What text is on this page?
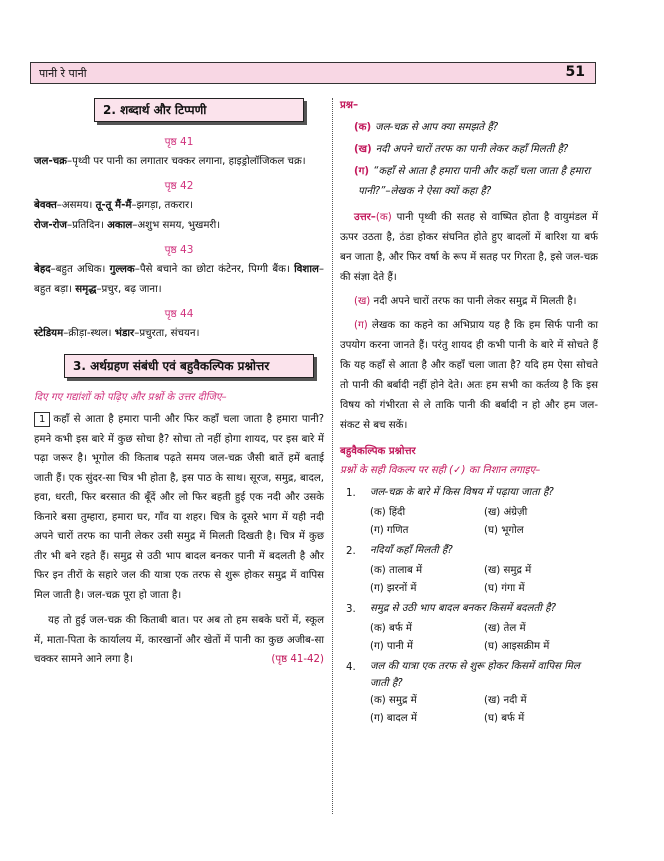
पानी रे पानी	51
2. शब्दार्थ और टिप्पणी
पृष्ठ 41

जल-चक्र–पृथ्वी पर पानी का लगातार चक्कर लगाना, हाइड्रोलॉजिकल चक्र।

पृष्ठ 42

बेवक्त–असमय। तू-तू मैं-मैं–झगड़ा, तकरार।

रोज-रोज–प्रतिदिन। अकाल–अशुभ समय, भुखमरी।

पृष्ठ 43

बेहद–बहुत अधिक। गुल्लक–पैसे बचाने का छोटा कंटेनर, पिग्गी बैंक। विशाल–बहुत बड़ा। समृद्ध–प्रचुर, बढ़ जाना।

पृष्ठ 44

स्टेडियम–क्रीड़ा-स्थल। भंडार–प्रचुरता, संचयन।

3. अर्थग्रहण संबंधी एवं बहुवैकल्पिक प्रश्नोत्तर

दिए गए गद्यांशों को पढ़िए और प्रश्नों के उत्तर दीजिए–

1 कहाँ से आता है हमारा पानी और फिर कहाँ चला जाता है हमारा पानी? हमने कभी इस बारे में कुछ सोचा है? सोचा तो नहीं होगा शायद, पर इस बारे में पढ़ा जरूर है। भूगोल की किताब पढ़ते समय जल-चक्र जैसी बातें हमें बताई जाती हैं। एक सुंदर-सा चित्र भी होता है, इस पाठ के साथ। सूरज, समुद्र, बादल, हवा, धरती, फिर बरसात की बूँदें और लो फिर बहती हुई एक नदी और उसके किनारे बसा तुम्हारा, हमारा घर, गाँव या शहर। चित्र के दूसरे भाग में यही नदी अपने चारों तरफ का पानी लेकर उसी समुद्र में मिलती दिखती है। चित्र में कुछ तीर भी बने रहते हैं। समुद्र से उठी भाप बादल बनकर पानी में बदलती है और फिर इन तीरों के सहारे जल की यात्रा एक तरफ से शुरू होकर समुद्र में वापिस मिल जाती है। जल-चक्र पूरा हो जाता है।

यह तो हुई जल-चक्र की किताबी बात। पर अब तो हम सबके घरों में, स्कूल में, माता-पिता के कार्यालय में, कारखानों और खेतों में पानी का कुछ अजीब-सा चक्कर सामने आने लगा है।	(पृष्ठ 41-42)

प्रश्न–

(क) जल-चक्र से आप क्या समझते हैं?

(ख) नदी अपने चारों तरफ का पानी लेकर कहाँ मिलती है?

(ग) “कहाँ से आता है हमारा पानी और कहाँ चला जाता है हमारा पानी?”–लेखक ने ऐसा क्यों कहा है?

उत्तर–(क) पानी पृथ्वी की सतह से वाष्पित होता है वायुमंडल में ऊपर उठता है, ठंडा होकर संघनित होते हुए बादलों में बारिश या बर्फ बन जाता है, और फिर वर्षा के रूप में सतह पर गिरता है, इसे जल-चक्र की संज्ञा देते हैं।

(ख) नदी अपने चारों तरफ का पानी लेकर समुद्र में मिलती है।

(ग) लेखक का कहने का अभिप्राय यह है कि हम सिर्फ पानी का उपयोग करना जानते हैं। परंतु शायद ही कभी पानी के बारे में सोचते हैं कि यह कहाँ से आता है और कहाँ चला जाता है? यदि हम ऐसा सोचते तो पानी की बर्बादी नहीं होने देते। अतः हम सभी का कर्तव्य है कि इस विषय को गंभीरता से ले ताकि पानी की बर्बादी न हो और हम जल-संकट से बच सकें।

बहुवैकल्पिक प्रश्नोत्तर
प्रश्नों के सही विकल्प पर सही (✓) का निशान लगाइए–
1.	जल-चक्र के बारे में किस विषय में पढ़ाया जाता है?
(क) हिंदी	(ख) अंग्रेज़ी
(ग) गणित	(घ) भूगोल
2.	नदियाँ कहाँ मिलती हैं?
(क) तालाब में	(ख) समुद्र में
(ग) झरनों में	(घ) गंगा में
3.	समुद्र से उठी भाप बादल बनकर किसमें बदलती है?
(क) बर्फ में	(ख) तेल में
(ग) पानी में	(घ) आइसक्रीम में
4.	जल की यात्रा एक तरफ से शुरू होकर किसमें वापिस मिल जाती है?
(क) समुद्र में	(ख) नदी में
(ग) बादल में	(घ) बर्फ में
